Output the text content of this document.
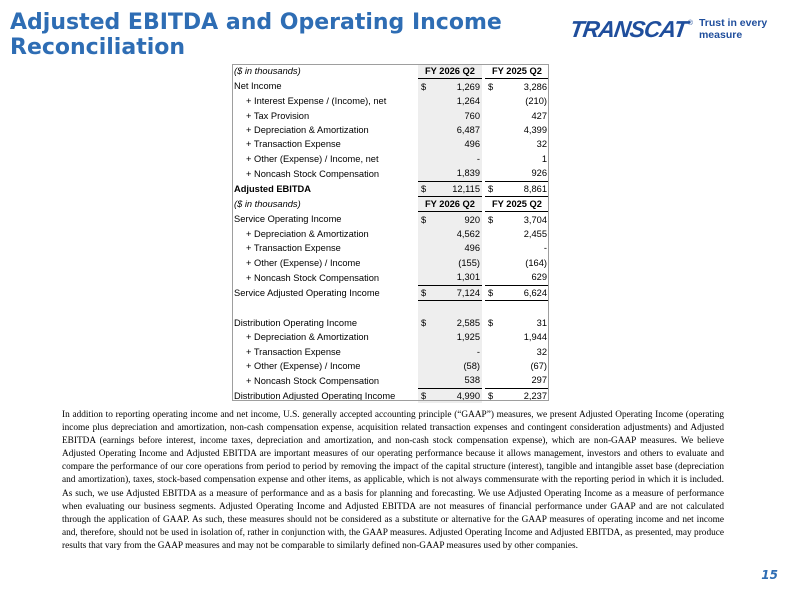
Adjusted EBITDA and Operating Income
Reconciliation
TRANSCAT ® Trust in every measure
($ in thousands)	FY 2026 Q2			FY 2025 Q2	
Net Income	$	1,269		$	3,286
+ Interest Expense / (Income), net		1,264			(210)
+ Tax Provision		760			427
+ Depreciation & Amortization		6,487			4,399
+ Transaction Expense		496			32
+ Other (Expense) / Income, net		-			1
+ Noncash Stock Compensation		1,839			926
Adjusted EBITDA	$	12,115		$	8,861
($ in thousands)	FY 2026 Q2			FY 2025 Q2	
Service Operating Income	$	920		$	3,704
+ Depreciation & Amortization		4,562			2,455
+ Transaction Expense		496			-
+ Other (Expense) / Income		(155)			(164)
+ Noncash Stock Compensation		1,301			629
Service Adjusted Operating Income	$	7,124		$	6,624

Distribution Operating Income	$	2,585		$	31
+ Depreciation & Amortization		1,925			1,944
+ Transaction Expense		-			32
+ Other (Expense) / Income		(58)			(67)
+ Noncash Stock Compensation		538			297
Distribution Adjusted Operating Income	$	4,990		$	2,237

In addition to reporting operating income and net income, U.S. generally accepted accounting principle (“GAAP”) measures, we present Adjusted Operating Income (operating income plus depreciation and amortization, non-cash compensation expense, acquisition related transaction expenses and contingent consideration adjustments) and Adjusted EBITDA (earnings before interest, income taxes, depreciation and amortization, and non-cash stock compensation expense), which are non-GAAP measures. We believe Adjusted Operating Income and Adjusted EBITDA are important measures of our operating performance because it allows management, investors and others to evaluate and compare the performance of our core operations from period to period by removing the impact of the capital structure (interest), tangible and intangible asset base (depreciation and amortization), taxes, stock-based compensation expense and other items, as applicable, which is not always commensurate with the reporting period in which it is included. As such, we use Adjusted EBITDA as a measure of performance and as a basis for planning and forecasting. We use Adjusted Operating Income as a measure of performance when evaluating our business segments. Adjusted Operating Income and Adjusted EBITDA are not measures of financial performance under GAAP and are not calculated through the application of GAAP. As such, these measures should not be considered as a substitute or alternative for the GAAP measures of operating income and net income and, therefore, should not be used in isolation of, rather in conjunction with, the GAAP measures. Adjusted Operating Income and Adjusted EBITDA, as presented, may produce results that vary from the GAAP measures and may not be comparable to similarly defined non-GAAP measures used by other companies.

15
